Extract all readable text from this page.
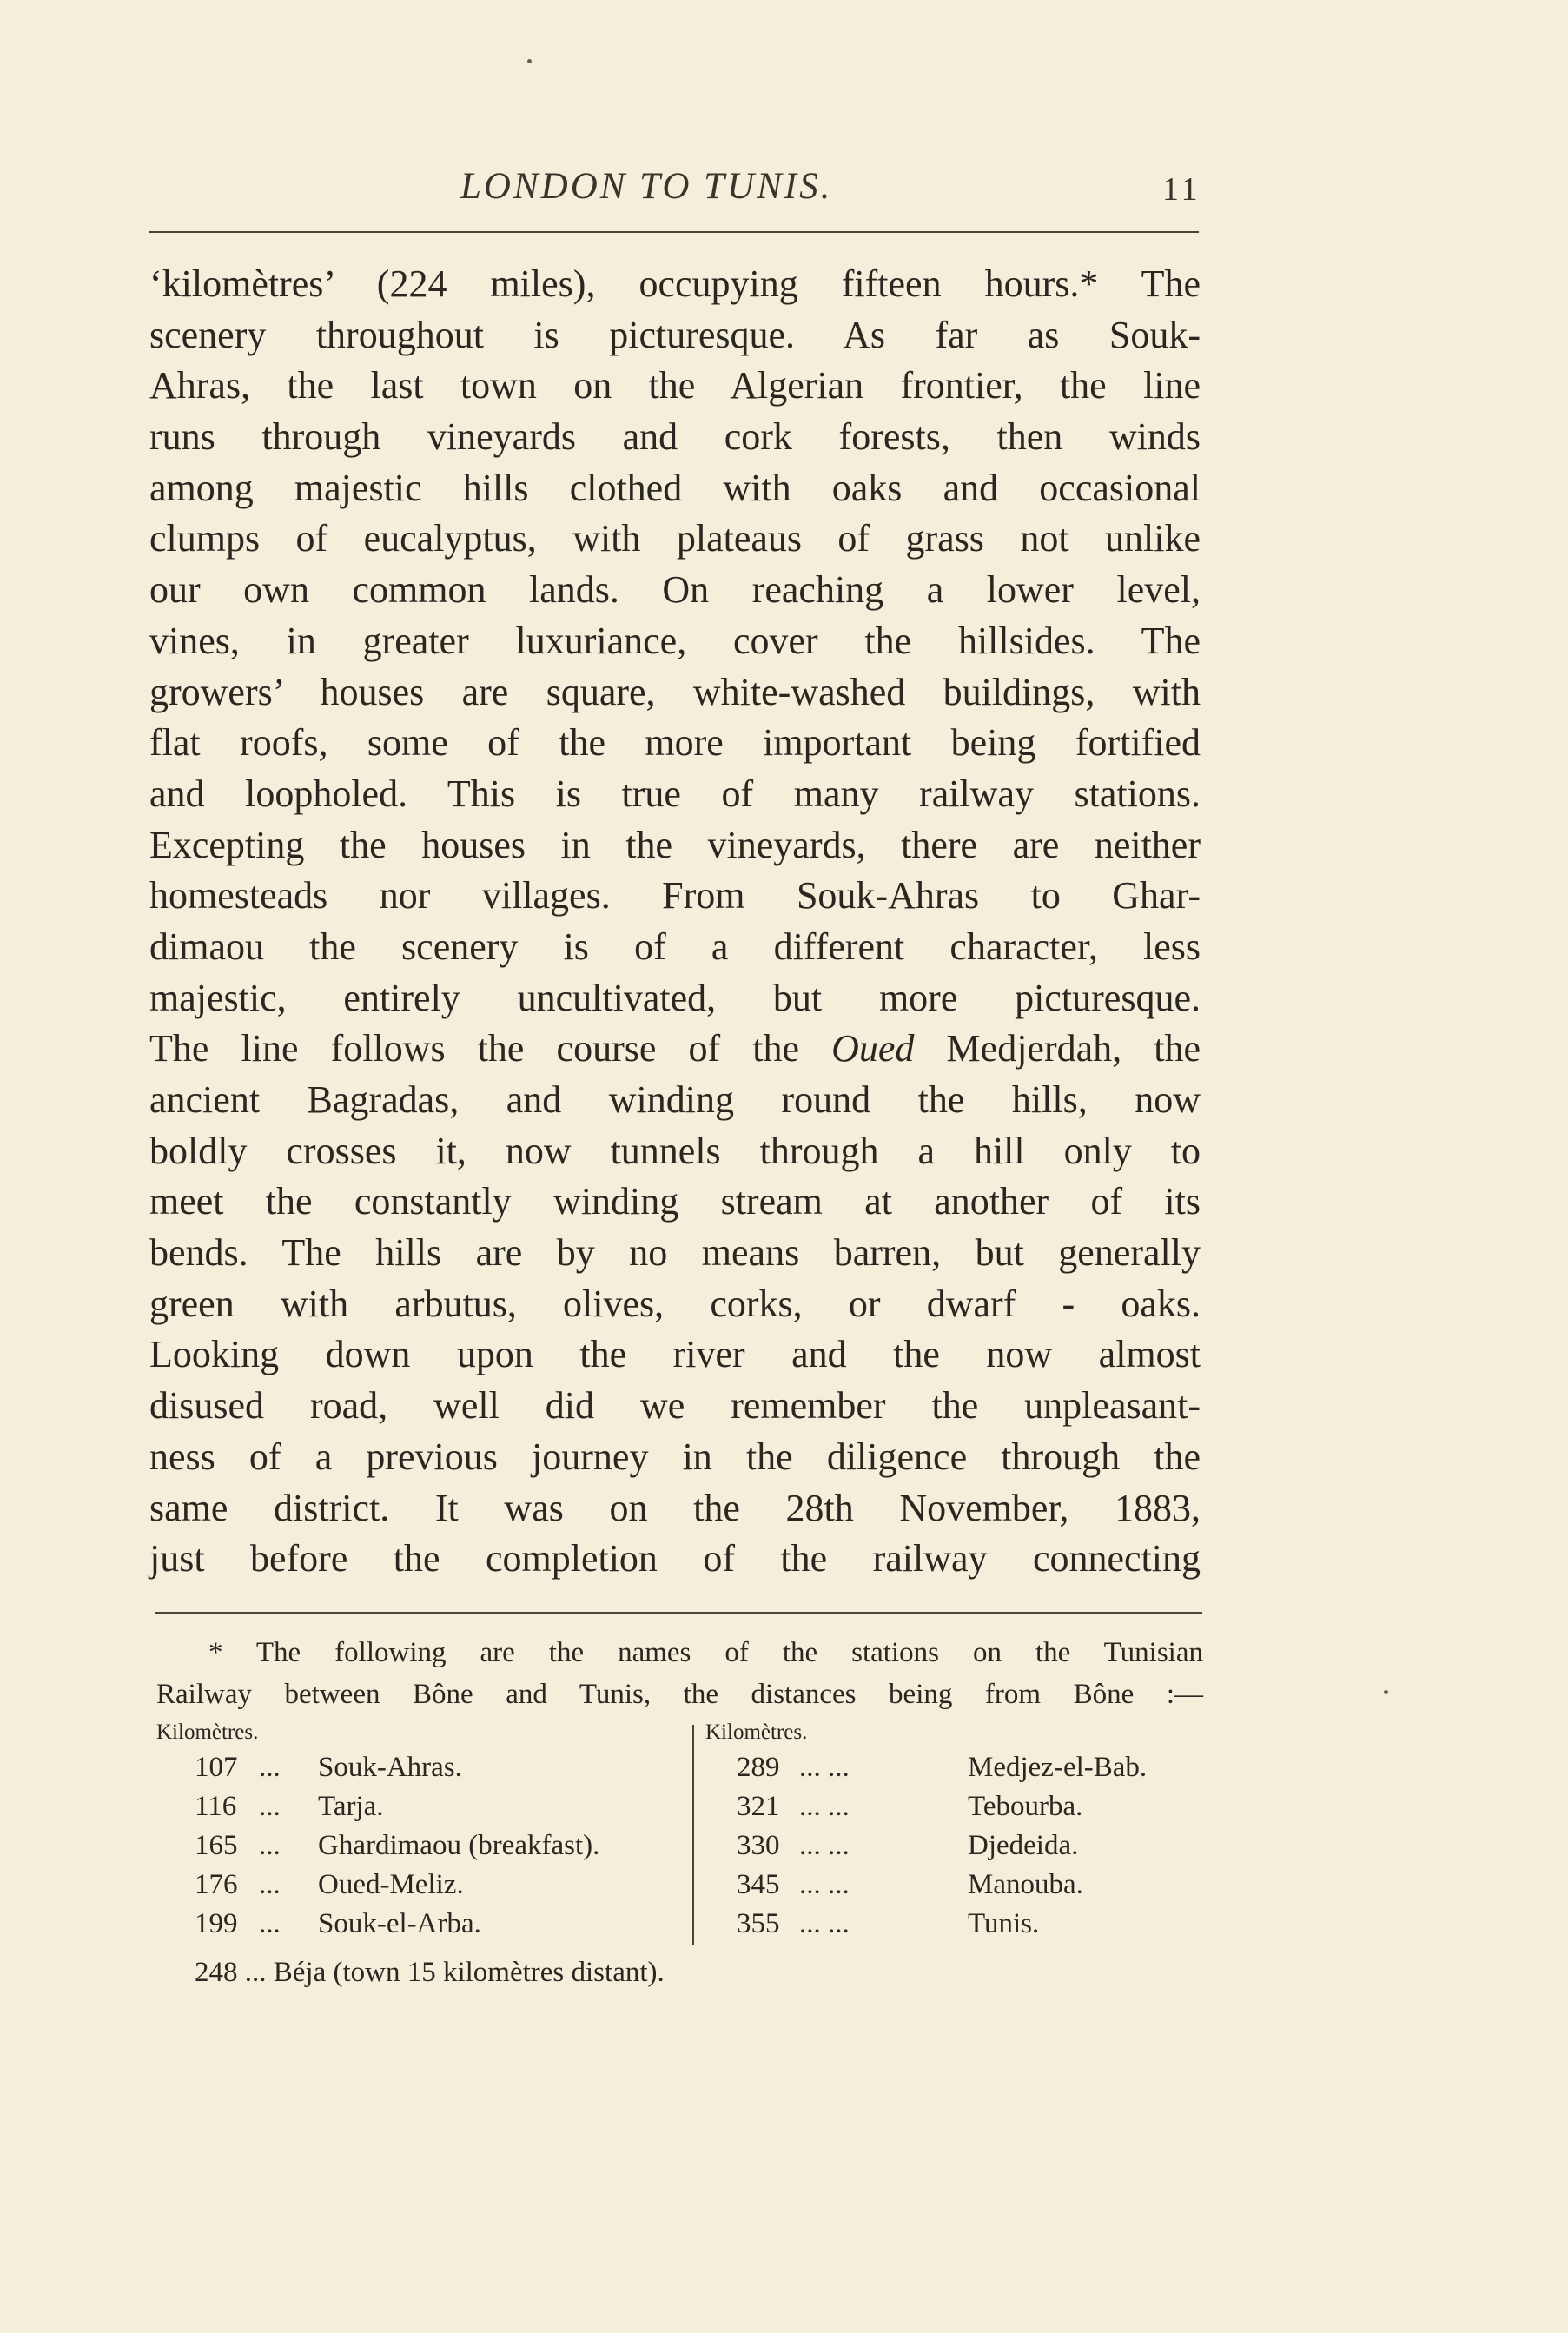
LONDON TO TUNIS.	11
‘kilomètres’ (224 miles), occupying fifteen hours.* The
scenery throughout is picturesque. As far as Souk-
Ahras, the last town on the Algerian frontier, the line
runs through vineyards and cork forests, then winds
among majestic hills clothed with oaks and occasional
clumps of eucalyptus, with plateaus of grass not unlike
our own common lands. On reaching a lower level,
vines, in greater luxuriance, cover the hillsides. The
growers’ houses are square, white-washed buildings, with
flat roofs, some of the more important being fortified
and loopholed. This is true of many railway stations.
Excepting the houses in the vineyards, there are neither
homesteads nor villages. From Souk-Ahras to Ghar-
dimaou the scenery is of a different character, less
majestic, entirely uncultivated, but more picturesque.
The line follows the course of the Oued Medjerdah, the
ancient Bagradas, and winding round the hills, now
boldly crosses it, now tunnels through a hill only to
meet the constantly winding stream at another of its
bends. The hills are by no means barren, but generally
green with arbutus, olives, corks, or dwarf - oaks.
Looking down upon the river and the now almost
disused road, well did we remember the unpleasant-
ness of a previous journey in the diligence through the
same district. It was on the 28th November, 1883,
just before the completion of the railway connecting
* The following are the names of the stations on the Tunisian
Railway between Bône and Tunis, the distances being from Bône :—
Kilomètres.	Kilomètres.
107 ... Souk-Ahras.
116 ... Tarja.
165 ... Ghardimaou (breakfast).
176 ... Oued-Meliz.
199 ... Souk-el-Arba.
289 ... ...	Medjez-el-Bab.
321 ... ...	Tebourba.
330 ... ...	Djedeida.
345 ... ...	Manouba.
355 ... ...	Tunis.
248 ... Béja (town 15 kilomètres distant).
